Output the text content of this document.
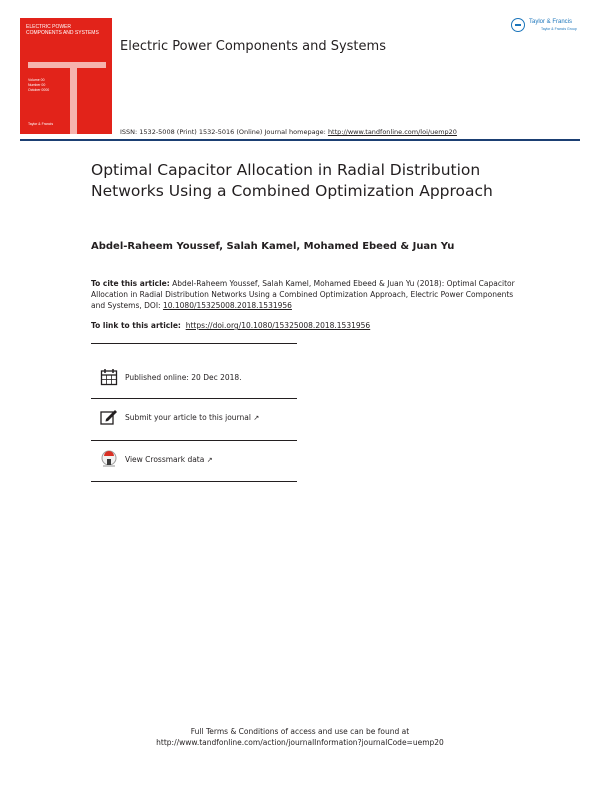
ELECTRIC POWER
COMPONENTS AND SYSTEMS
Volume 00
Number 00
October 0000
Taylor & Francis
Electric Power Components and Systems
Taylor & Francis
Taylor & Francis Group
ISSN: 1532-5008 (Print) 1532-5016 (Online) Journal homepage: http://www.tandfonline.com/loi/uemp20
Optimal Capacitor Allocation in Radial Distribution Networks Using a Combined Optimization Approach
Abdel-Raheem Youssef, Salah Kamel, Mohamed Ebeed & Juan Yu
To cite this article: Abdel-Raheem Youssef, Salah Kamel, Mohamed Ebeed & Juan Yu (2018): Optimal Capacitor Allocation in Radial Distribution Networks Using a Combined Optimization Approach, Electric Power Components and Systems, DOI: 10.1080/15325008.2018.1531956
To link to this article: https://doi.org/10.1080/15325008.2018.1531956
Published online: 20 Dec 2018.
Submit your article to this journal ↗
View Crossmark data ↗
Full Terms & Conditions of access and use can be found at
http://www.tandfonline.com/action/journalInformation?journalCode=uemp20
